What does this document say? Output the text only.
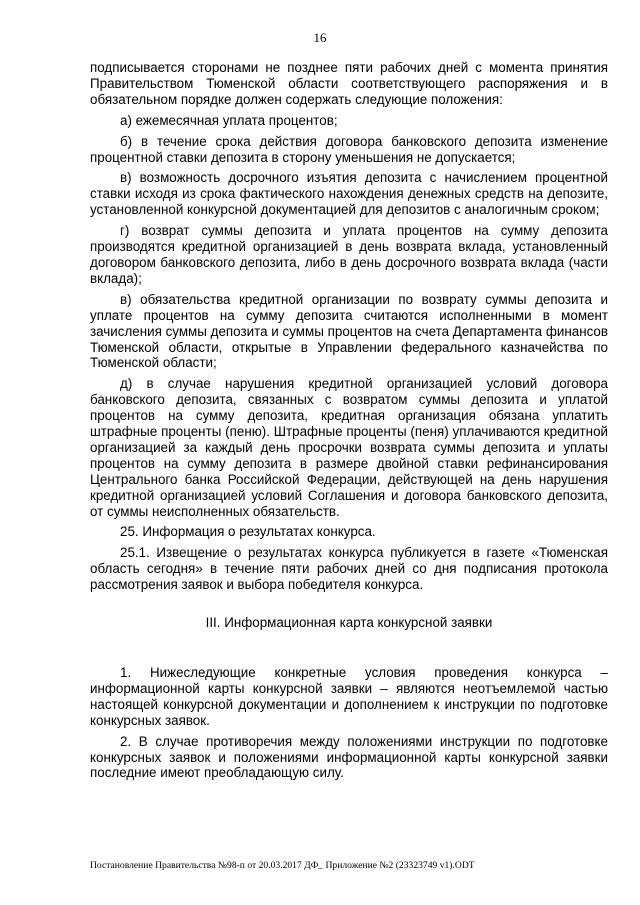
16

подписывается сторонами не позднее пяти рабочих дней с момента принятия Правительством Тюменской области соответствующего распоряжения и в обязательном порядке должен содержать следующие положения:

а) ежемесячная уплата процентов;

б) в течение срока действия договора банковского депозита изменение процентной ставки депозита в сторону уменьшения не допускается;

в) возможность досрочного изъятия депозита с начислением процентной ставки исходя из срока фактического нахождения денежных средств на депозите, установленной конкурсной документацией для депозитов с аналогичным сроком;

г) возврат суммы депозита и уплата процентов на сумму депозита производятся кредитной организацией в день возврата вклада, установленный договором банковского депозита, либо в день досрочного возврата вклада (части вклада);

в) обязательства кредитной организации по возврату суммы депозита и уплате процентов на сумму депозита считаются исполненными в момент зачисления суммы депозита и суммы процентов на счета Департамента финансов Тюменской области, открытые в Управлении федерального казначейства по Тюменской области;

д) в случае нарушения кредитной организацией условий договора банковского депозита, связанных с возвратом суммы депозита и уплатой процентов на сумму депозита, кредитная организация обязана уплатить штрафные проценты (пеню). Штрафные проценты (пеня) уплачиваются кредитной организацией за каждый день просрочки возврата суммы депозита и уплаты процентов на сумму депозита в размере двойной ставки рефинансирования Центрального банка Российской Федерации, действующей на день нарушения кредитной организацией условий Соглашения и договора банковского депозита, от суммы неисполненных обязательств.

25. Информация о результатах конкурса.

25.1. Извещение о результатах конкурса публикуется в газете «Тюменская область сегодня» в течение пяти рабочих дней со дня подписания протокола рассмотрения заявок и выбора победителя конкурса.

III. Информационная карта конкурсной заявки

1. Нижеследующие конкретные условия проведения конкурса – информационной карты конкурсной заявки – являются неотъемлемой частью настоящей конкурсной документации и дополнением к инструкции по подготовке конкурсных заявок.

2. В случае противоречия между положениями инструкции по подготовке конкурсных заявок и положениями информационной карты конкурсной заявки последние имеют преобладающую силу.

Постановление Правительства №98-п от 20.03.2017 ДФ_ Приложение №2 (23323749 v1).ODT
